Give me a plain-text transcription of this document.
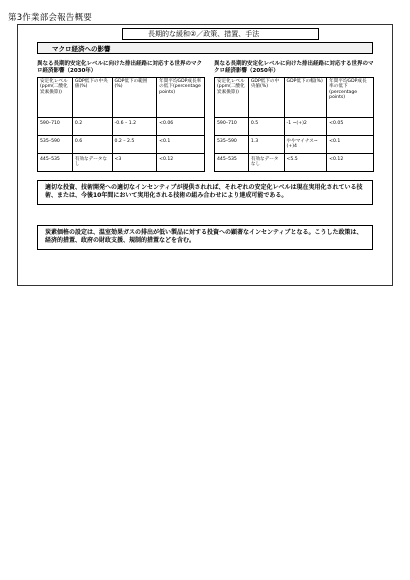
第3作業部会報告概要
長期的な緩和②／政策、措置、手法
マクロ経済への影響
異なる長期的安定化レベルに向けた排出経路に対応する世界のマクロ経済影響（2030年）
安定化レベル(ppm(二酸化炭素換算))	GDP低下の中央値(%)	GDP低下の範囲(%)	年間平均GDP成長率の低下(percentage points)
590–710	0.2	-0.6 – 1.2	<0.06
535–590	0.6	0.2 – 2.5	<0.1
445–535	有効なデータなし	<3	<0.12
異なる長期的安定化レベルに向けた排出経路に対応する世界のマクロ経済影響（2050年）
安定化レベル(ppm(二酸化炭素換算))	GDP低下の中央値(%)	GDP低下の幅(%)	年間平均GDP成長率の低下(percentage points)
590–710	0.5	-1 ~(+)2	<0.05
535–590	1.3	ややマイナス~(+)4	<0.1
445–535	有効なデータなし	<5.5	<0.12
適切な投資、技術開発への適切なインセンティブが提供されれば、それぞれの安定化レベルは現在実用化されている技術、または、今後10年間において実用化される技術の組み合わせにより達成可能である。
炭素価格の設定は、温室効果ガスの排出が低い製品に対する投資への顕著なインセンティブとなる。こうした政策は、経済的措置、政府の財政支援、規制的措置などを含む。
